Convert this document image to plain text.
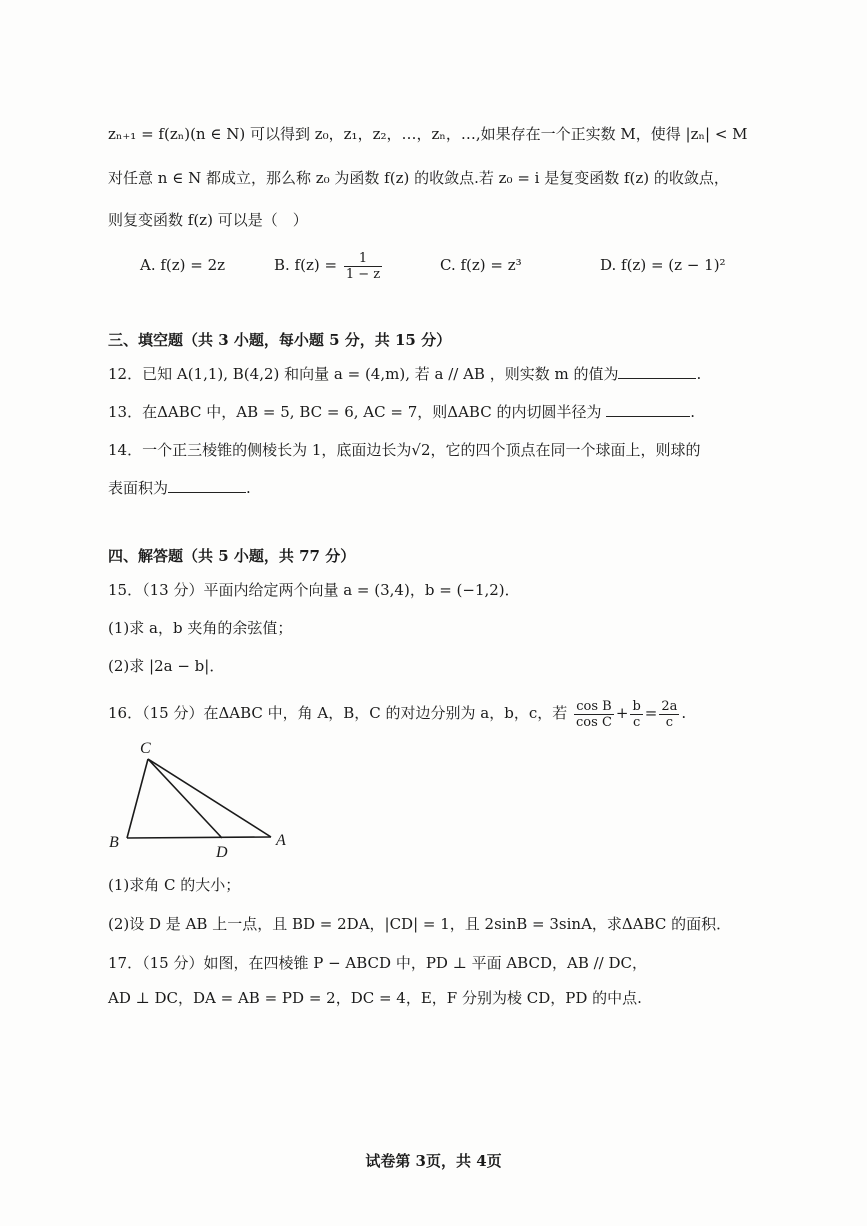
zₙ₊₁ = f(zₙ)(n ∈ N) 可以得到 z₀，z₁，z₂，…，zₙ，…,如果存在一个正实数 M，使得 |zₙ| < M
对任意 n ∈ N 都成立，那么称 z₀ 为函数 f(z) 的收敛点.若 z₀ = i 是复变函数 f(z) 的收敛点，
则复变函数 f(z) 可以是（　）
A. f(z) = 2z	B. $f(z) = \frac{1}{1 - z}$	C. f(z) = z³	D. f(z) = (z − 1)²
三、填空题（共 3 小题，每小题 5 分，共 15 分）
12．已知 A(1,1), B(4,2) 和向量 a = (4,m), 若 a // AB ，则实数 m 的值为	.
13．在ΔABC 中，AB = 5, BC = 6, AC = 7，则ΔABC 的内切圆半径为	.
14．一个正三棱锥的侧棱长为 1，底面边长为√2，它的四个顶点在同一个球面上，则球的
表面积为	.
四、解答题（共 5 小题，共 77 分）
15．（13 分）平面内给定两个向量 a = (3,4)，b = (−1,2)．
(1)求 a，b 夹角的余弦值；
(2)求 |2a − b|．
16．（15 分）在ΔABC 中，角 A，B，C 的对边分别为 a，b，c，若 $\frac{\text{cos B}}{\text{cos C}} + \frac{b}{c} = \frac{2a}{c}$ .
C
B
D
A
(1)求角 C 的大小；
(2)设 D 是 AB 上一点，且 BD = 2DA，|CD| = 1，且 2sinB = 3sinA，求ΔABC 的面积．
17．（15 分）如图，在四棱锥 P − ABCD 中，PD ⊥ 平面 ABCD，AB // DC，
AD ⊥ DC，DA = AB = PD = 2，DC = 4，E，F 分别为棱 CD，PD 的中点.
试卷第 3页，共 4页
